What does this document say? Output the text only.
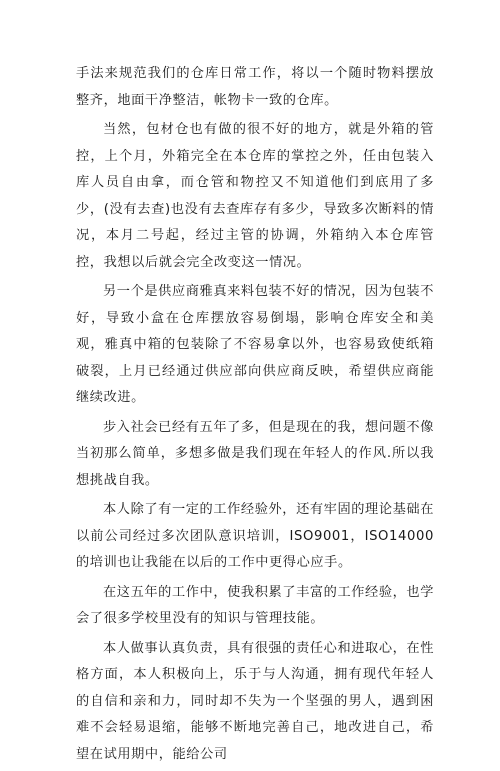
手法来规范我们的仓库日常工作，将以一个随时物料摆放整齐，地面干净整洁，帐物卡一致的仓库。

当然，包材仓也有做的很不好的地方，就是外箱的管控，上个月，外箱完全在本仓库的掌控之外，任由包装入库人员自由拿，而仓管和物控又不知道他们到底用了多少，(没有去查)也没有去查库存有多少，导致多次断料的情况，本月二号起，经过主管的协调，外箱纳入本仓库管控，我想以后就会完全改变这一情况。

另一个是供应商雅真来料包装不好的情况，因为包装不好，导致小盒在仓库摆放容易倒塌，影响仓库安全和美观，雅真中箱的包装除了不容易拿以外，也容易致使纸箱破裂，上月已经通过供应部向供应商反映，希望供应商能继续改进。

步入社会已经有五年了多，但是现在的我，想问题不像当初那么简单，多想多做是我们现在年轻人的作风.所以我想挑战自我。

本人除了有一定的工作经验外，还有牢固的理论基础在以前公司经过多次团队意识培训，ISO9001，ISO14000 的培训也让我能在以后的工作中更得心应手。

在这五年的工作中，使我积累了丰富的工作经验，也学会了很多学校里没有的知识与管理技能。

本人做事认真负责，具有很强的责任心和进取心，在性格方面，本人积极向上，乐于与人沟通，拥有现代年轻人的自信和亲和力，同时却不失为一个坚强的男人，遇到困难不会轻易退缩，能够不断地完善自己，地改进自己，希望在试用期中，能给公司
